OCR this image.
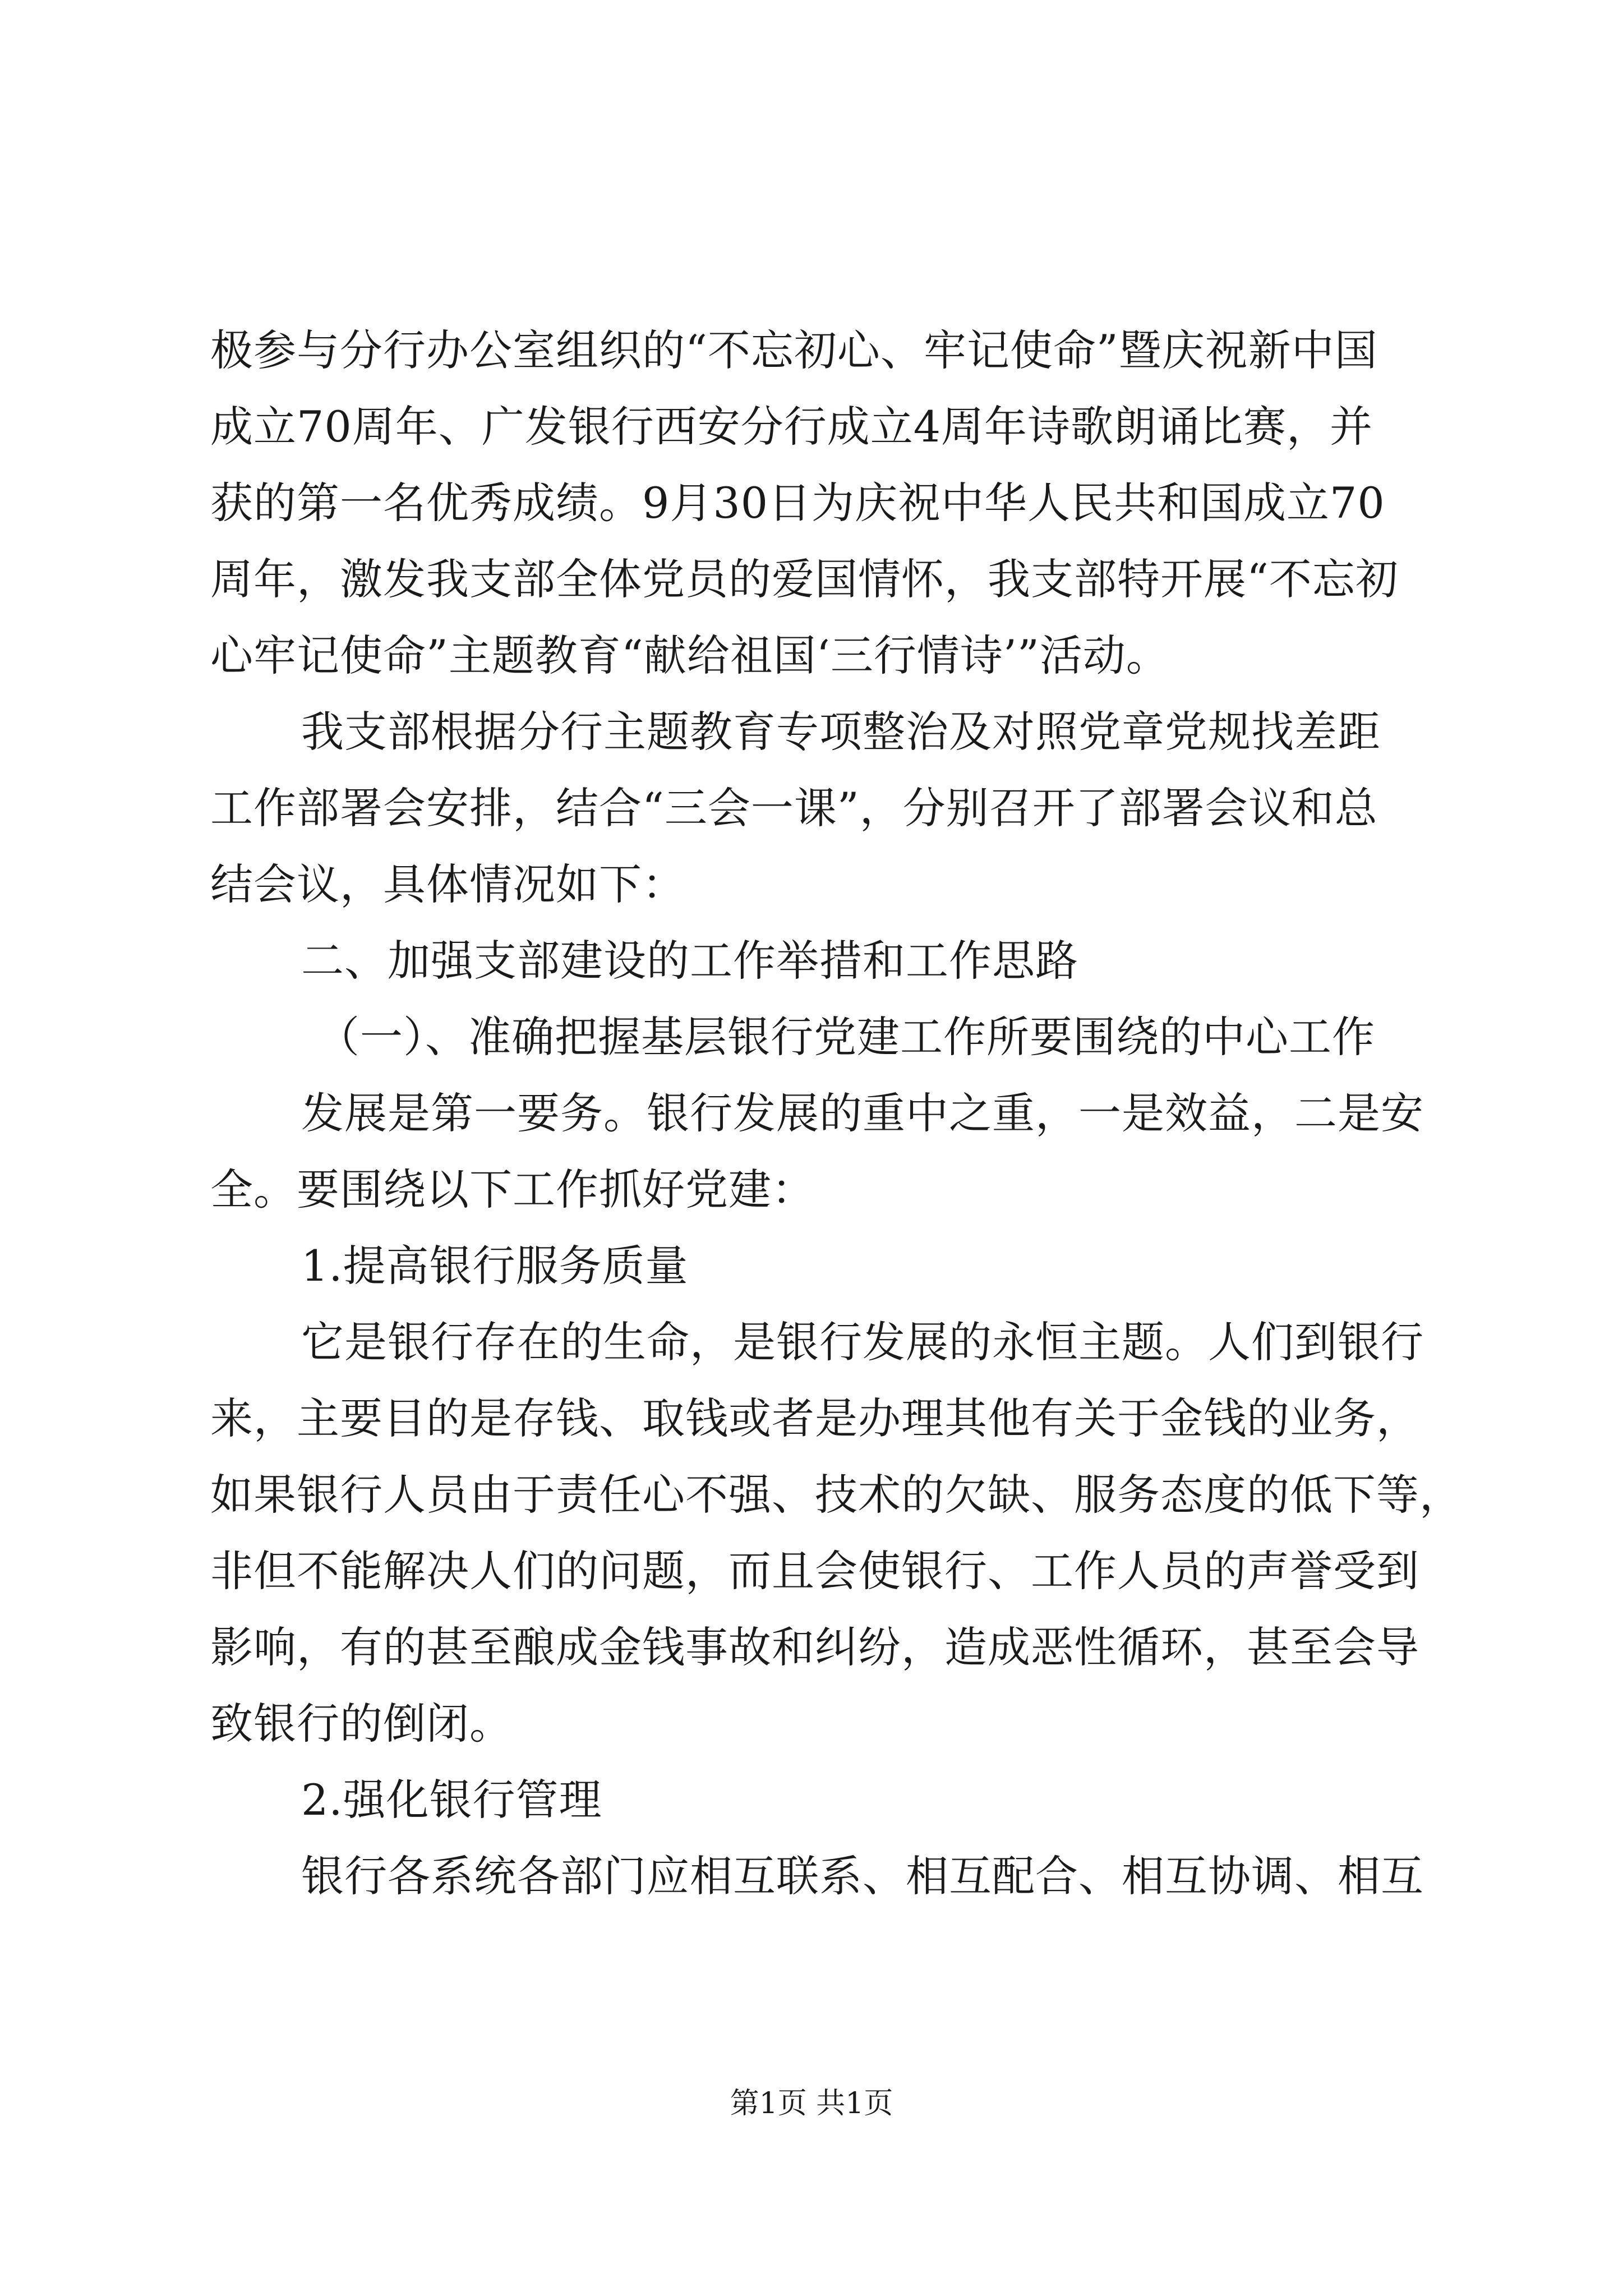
极参与分行办公室组织的“不忘初心、牢记使命”暨庆祝新中国
成立70周年、广发银行西安分行成立4周年诗歌朗诵比赛，并
获的第一名优秀成绩。9月30日为庆祝中华人民共和国成立70
周年，激发我支部全体党员的爱国情怀，我支部特开展“不忘初
心牢记使命”主题教育“献给祖国‘三行情诗’”活动。
我支部根据分行主题教育专项整治及对照党章党规找差距
工作部署会安排，结合“三会一课”，分别召开了部署会议和总
结会议，具体情况如下：
二、加强支部建设的工作举措和工作思路
（一）、准确把握基层银行党建工作所要围绕的中心工作
发展是第一要务。银行发展的重中之重，一是效益，二是安
全。要围绕以下工作抓好党建：
1.提高银行服务质量
它是银行存在的生命，是银行发展的永恒主题。人们到银行
来，主要目的是存钱、取钱或者是办理其他有关于金钱的业务，
如果银行人员由于责任心不强、技术的欠缺、服务态度的低下等，
非但不能解决人们的问题，而且会使银行、工作人员的声誉受到
影响，有的甚至酿成金钱事故和纠纷，造成恶性循环，甚至会导
致银行的倒闭。
2.强化银行管理
银行各系统各部门应相互联系、相互配合、相互协调、相互
第1页 共1页
